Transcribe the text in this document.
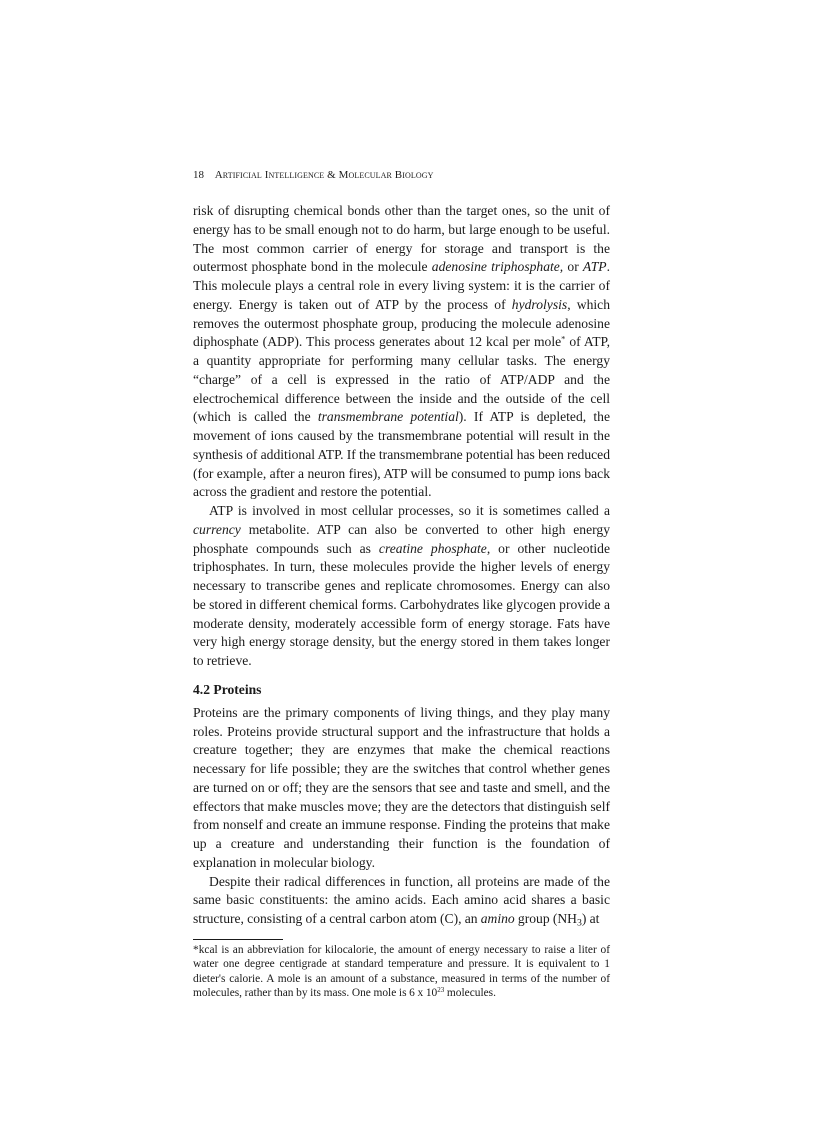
18 Artificial Intelligence & Molecular Biology

risk of disrupting chemical bonds other than the target ones, so the unit of energy has to be small enough not to do harm, but large enough to be useful. The most common carrier of energy for storage and transport is the outermost phosphate bond in the molecule adenosine triphosphate, or ATP. This molecule plays a central role in every living system: it is the carrier of energy. Energy is taken out of ATP by the process of hydrolysis, which removes the outermost phosphate group, producing the molecule adenosine diphosphate (ADP). This process generates about 12 kcal per mole* of ATP, a quantity appropriate for performing many cellular tasks. The energy “charge” of a cell is expressed in the ratio of ATP/ADP and the electrochemical difference between the inside and the outside of the cell (which is called the transmembrane potential). If ATP is depleted, the movement of ions caused by the transmembrane potential will result in the synthesis of additional ATP. If the transmembrane potential has been reduced (for example, after a neuron fires), ATP will be consumed to pump ions back across the gradient and restore the potential.

ATP is involved in most cellular processes, so it is sometimes called a currency metabolite. ATP can also be converted to other high energy phosphate compounds such as creatine phosphate, or other nucleotide triphosphates. In turn, these molecules provide the higher levels of energy necessary to transcribe genes and replicate chromosomes. Energy can also be stored in different chemical forms. Carbohydrates like glycogen provide a moderate density, moderately accessible form of energy storage. Fats have very high energy storage density, but the energy stored in them takes longer to retrieve.

4.2 Proteins

Proteins are the primary components of living things, and they play many roles. Proteins provide structural support and the infrastructure that holds a creature together; they are enzymes that make the chemical reactions necessary for life possible; they are the switches that control whether genes are turned on or off; they are the sensors that see and taste and smell, and the effectors that make muscles move; they are the detectors that distinguish self from nonself and create an immune response. Finding the proteins that make up a creature and understanding their function is the foundation of explanation in molecular biology.

Despite their radical differences in function, all proteins are made of the same basic constituents: the amino acids. Each amino acid shares a basic structure, consisting of a central carbon atom (C), an amino group $(NH_3)$ at

*kcal is an abbreviation for kilocalorie, the amount of energy necessary to raise a liter of water one degree centigrade at standard temperature and pressure. It is equivalent to 1 dieter's calorie. A mole is an amount of a substance, measured in terms of the number of molecules, rather than by its mass. One mole is 6 x $10^{23}$ molecules.
